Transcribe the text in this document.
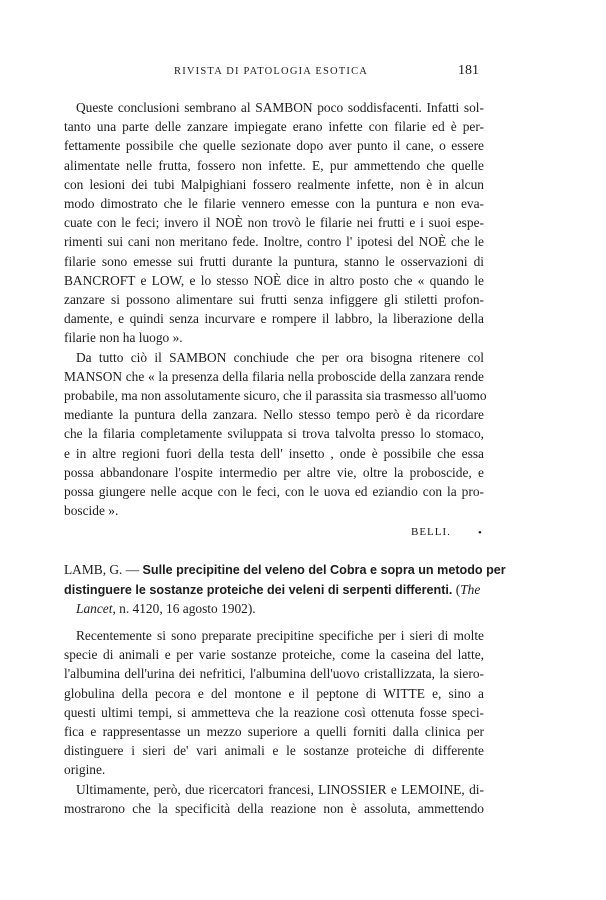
RIVISTA DI PATOLOGIA ESOTICA	181
Queste conclusioni sembrano al SAMBON poco soddisfacenti. Infatti sol-
tanto una parte delle zanzare impiegate erano infette con filarie ed è per-
fettamente possibile che quelle sezionate dopo aver punto il cane, o essere
alimentate nelle frutta, fossero non infette. E, pur ammettendo che quelle
con lesioni dei tubi Malpighiani fossero realmente infette, non è in alcun
modo dimostrato che le filarie vennero emesse con la puntura e non eva-
cuate con le feci; invero il NOÈ non trovò le filarie nei frutti e i suoi espe-
rimenti sui cani non meritano fede. Inoltre, contro l' ipotesi del NOÈ che le
filarie sono emesse sui frutti durante la puntura, stanno le osservazioni di
BANCROFT e LOW, e lo stesso NOÈ dice in altro posto che « quando le
zanzare si possono alimentare sui frutti senza infiggere gli stiletti profon-
damente, e quindi senza incurvare e rompere il labbro, la liberazione della
filarie non ha luogo ».
Da tutto ciò il SAMBON conchiude che per ora bisogna ritenere col
MANSON che « la presenza della filaria nella proboscide della zanzara rende
probabile, ma non assolutamente sicuro, che il parassita sia trasmesso all'uomo
mediante la puntura della zanzara. Nello stesso tempo però è da ricordare
che la filaria completamente sviluppata si trova talvolta presso lo stomaco,
e in altre regioni fuori della testa dell' insetto , onde è possibile che essa
possa abbandonare l'ospite intermedio per altre vie, oltre la proboscide, e
possa giungere nelle acque con le feci, con le uova ed eziandio con la pro-
boscide ».
BELLI. •
LAMB, G. — Sulle precipitine del veleno del Cobra e sopra un metodo per
distinguere le sostanze proteiche dei veleni di serpenti differenti. (The
Lancet, n. 4120, 16 agosto 1902).
Recentemente si sono preparate precipitine specifiche per i sieri di molte
specie di animali e per varie sostanze proteiche, come la caseina del latte,
l'albumina dell'urina dei nefritici, l'albumina dell'uovo cristallizzata, la siero-
globulina della pecora e del montone e il peptone di WITTE e, sino a
questi ultimi tempi, si ammetteva che la reazione così ottenuta fosse speci-
fica e rappresentasse un mezzo superiore a quelli forniti dalla clinica per
distinguere i sieri de' vari animali e le sostanze proteiche di differente
origine.
Ultimamente, però, due ricercatori francesi, LINOSSIER e LEMOINE, di-
mostrarono che la specificità della reazione non è assoluta, ammettendo
